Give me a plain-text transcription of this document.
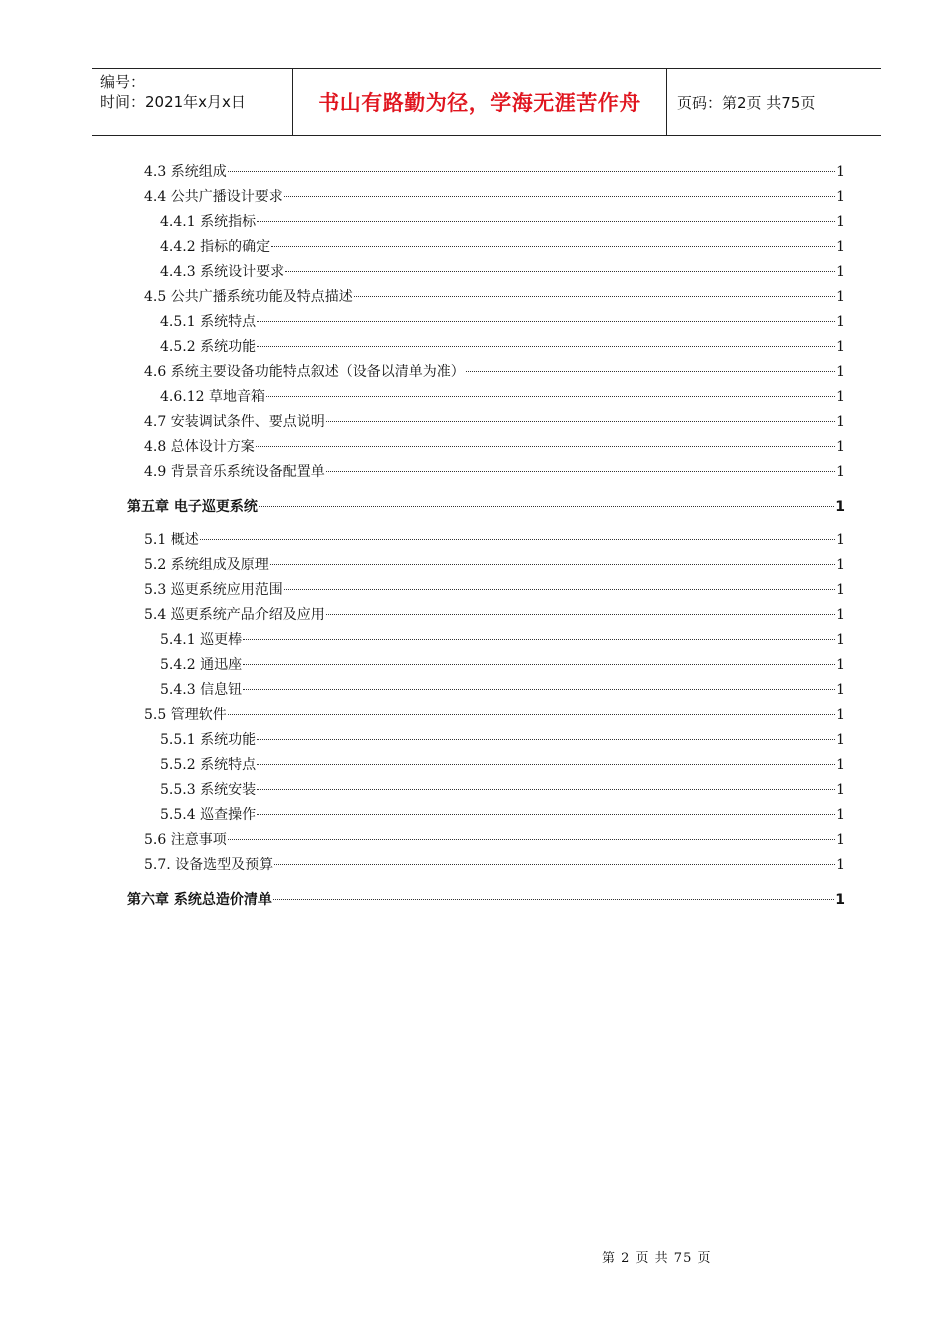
编号：
时间：2021年x月x日	书山有路勤为径，学海无涯苦作舟	页码：第2页 共75页
4.3 系统组成	1
4.4 公共广播设计要求	1
4.4.1 系统指标	1
4.4.2 指标的确定	1
4.4.3 系统设计要求	1
4.5 公共广播系统功能及特点描述	1
4.5.1 系统特点	1
4.5.2 系统功能	1
4.6 系统主要设备功能特点叙述（设备以清单为准）	1
4.6.12 草地音箱	1
4.7 安装调试条件、要点说明	1
4.8 总体设计方案	1
4.9 背景音乐系统设备配置单	1
第五章 电子巡更系统	1
5.1 概述	1
5.2 系统组成及原理	1
5.3 巡更系统应用范围	1
5.4 巡更系统产品介绍及应用	1
5.4.1 巡更棒	1
5.4.2 通迅座	1
5.4.3 信息钮	1
5.5 管理软件	1
5.5.1 系统功能	1
5.5.2 系统特点	1
5.5.3 系统安装	1
5.5.4 巡查操作	1
5.6 注意事项	1
5.7. 设备选型及预算	1
第六章 系统总造价清单	1
第 2 页 共 75 页
